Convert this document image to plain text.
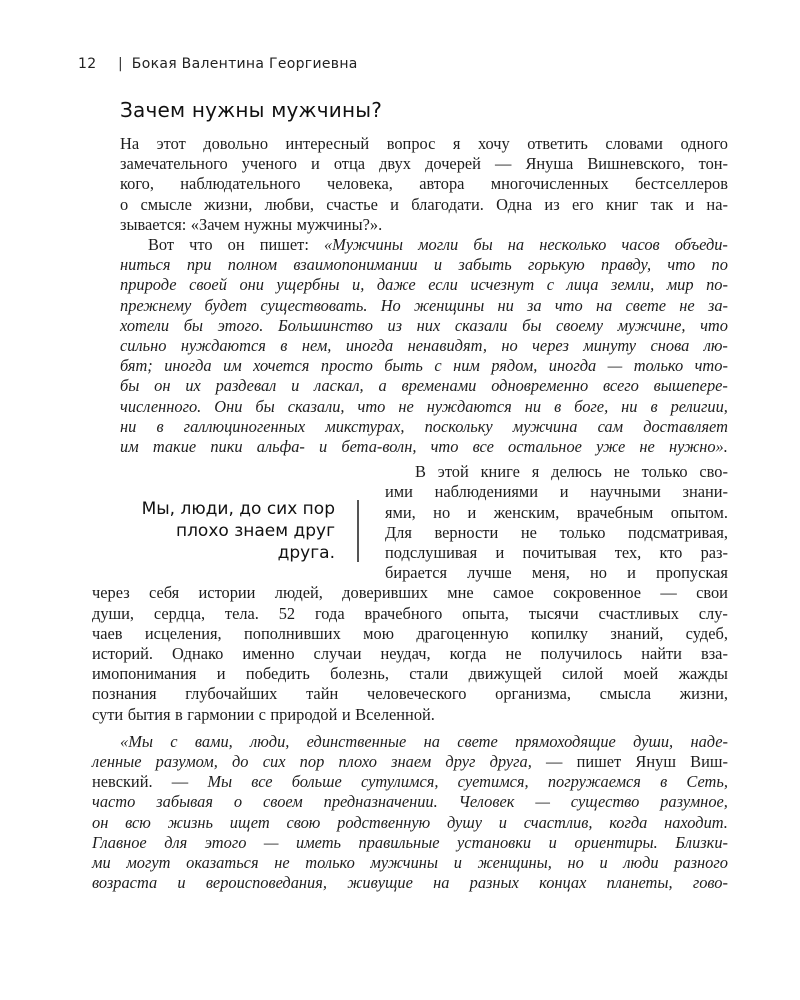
12 | Бокая Валентина Георгиевна
Зачем нужны мужчины?
На этот довольно интересный вопрос я хочу ответить словами одного
замечательного ученого и отца двух дочерей — Януша Вишневского, тон-
кого, наблюдательного человека, автора многочисленных бестселлеров
о смысле жизни, любви, счастье и благодати. Одна из его книг так и на-
зывается: «Зачем нужны мужчины?».
Вот что он пишет: «Мужчины могли бы на несколько часов объеди-
ниться при полном взаимопонимании и забыть горькую правду, что по
природе своей они ущербны и, даже если исчезнут с лица земли, мир по-
прежнему будет существовать. Но женщины ни за что на свете не за-
хотели бы этого. Большинство из них сказали бы своему мужчине, что
сильно нуждаются в нем, иногда ненавидят, но через минуту снова лю-
бят; иногда им хочется просто быть с ним рядом, иногда — только что-
бы он их раздевал и ласкал, а временами одновременно всего вышепере-
численного. Они бы сказали, что не нуждаются ни в боге, ни в религии,
ни в галлюциногенных микстурах, поскольку мужчина сам доставляет
им такие пики альфа- и бета-волн, что все остальное уже не нужно».
В этой книге я делюсь не только сво-
ими наблюдениями и научными знани-
ями, но и женским, врачебным опытом.
Для верности не только подсматривая,
подслушивая и почитывая тех, кто раз-
бирается лучше меня, но и пропуская
через себя истории людей, доверивших мне самое сокровенное — свои
души, сердца, тела. 52 года врачебного опыта, тысячи счастливых слу-
чаев исцеления, пополнивших мою драгоценную копилку знаний, судеб,
историй. Однако именно случаи неудач, когда не получилось найти вза-
имопонимания и победить болезнь, стали движущей силой моей жажды
познания глубочайших тайн человеческого организма, смысла жизни,
сути бытия в гармонии с природой и Вселенной.
«Мы с вами, люди, единственные на свете прямоходящие души, наде-
ленные разумом, до сих пор плохо знаем друг друга, — пишет Януш Виш-
невский. — Мы все больше сутулимся, суетимся, погружаемся в Сеть,
часто забывая о своем предназначении. Человек — существо разумное,
он всю жизнь ищет свою родственную душу и счастлив, когда находит.
Главное для этого — иметь правильные установки и ориентиры. Близки-
ми могут оказаться не только мужчины и женщины, но и люди разного
возраста и вероисповедания, живущие на разных концах планеты, гово-
Мы, люди, до сих пор
плохо знаем друг
друга.
